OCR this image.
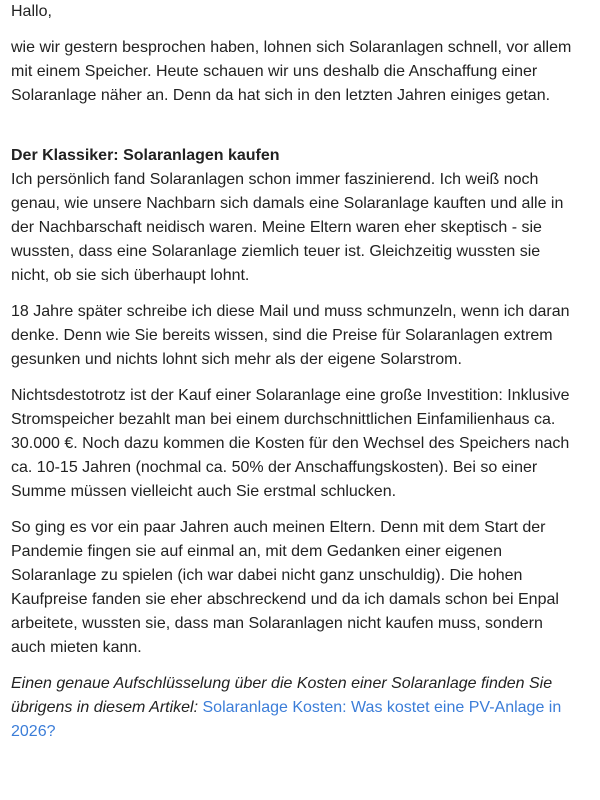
Hallo,

wie wir gestern besprochen haben, lohnen sich Solaranlagen schnell, vor allem mit einem Speicher. Heute schauen wir uns deshalb die Anschaffung einer Solaranlage näher an. Denn da hat sich in den letzten Jahren einiges getan.

Der Klassiker: Solaranlagen kaufen

Ich persönlich fand Solaranlagen schon immer faszinierend. Ich weiß noch genau, wie unsere Nachbarn sich damals eine Solaranlage kauften und alle in der Nachbarschaft neidisch waren. Meine Eltern waren eher skeptisch - sie wussten, dass eine Solaranlage ziemlich teuer ist. Gleichzeitig wussten sie nicht, ob sie sich überhaupt lohnt.

18 Jahre später schreibe ich diese Mail und muss schmunzeln, wenn ich daran denke. Denn wie Sie bereits wissen, sind die Preise für Solaranlagen extrem gesunken und nichts lohnt sich mehr als der eigene Solarstrom.

Nichtsdestotrotz ist der Kauf einer Solaranlage eine große Investition: Inklusive Stromspeicher bezahlt man bei einem durchschnittlichen Einfamilienhaus ca. 30.000 €. Noch dazu kommen die Kosten für den Wechsel des Speichers nach ca. 10-15 Jahren (nochmal ca. 50% der Anschaffungskosten). Bei so einer Summe müssen vielleicht auch Sie erstmal schlucken.

So ging es vor ein paar Jahren auch meinen Eltern. Denn mit dem Start der Pandemie fingen sie auf einmal an, mit dem Gedanken einer eigenen Solaranlage zu spielen (ich war dabei nicht ganz unschuldig). Die hohen Kaufpreise fanden sie eher abschreckend und da ich damals schon bei Enpal arbeitete, wussten sie, dass man Solaranlagen nicht kaufen muss, sondern auch mieten kann.

Einen genaue Aufschlüsselung über die Kosten einer Solaranlage finden Sie übrigens in diesem Artikel: Solaranlage Kosten: Was kostet eine PV-Anlage in 2026?
